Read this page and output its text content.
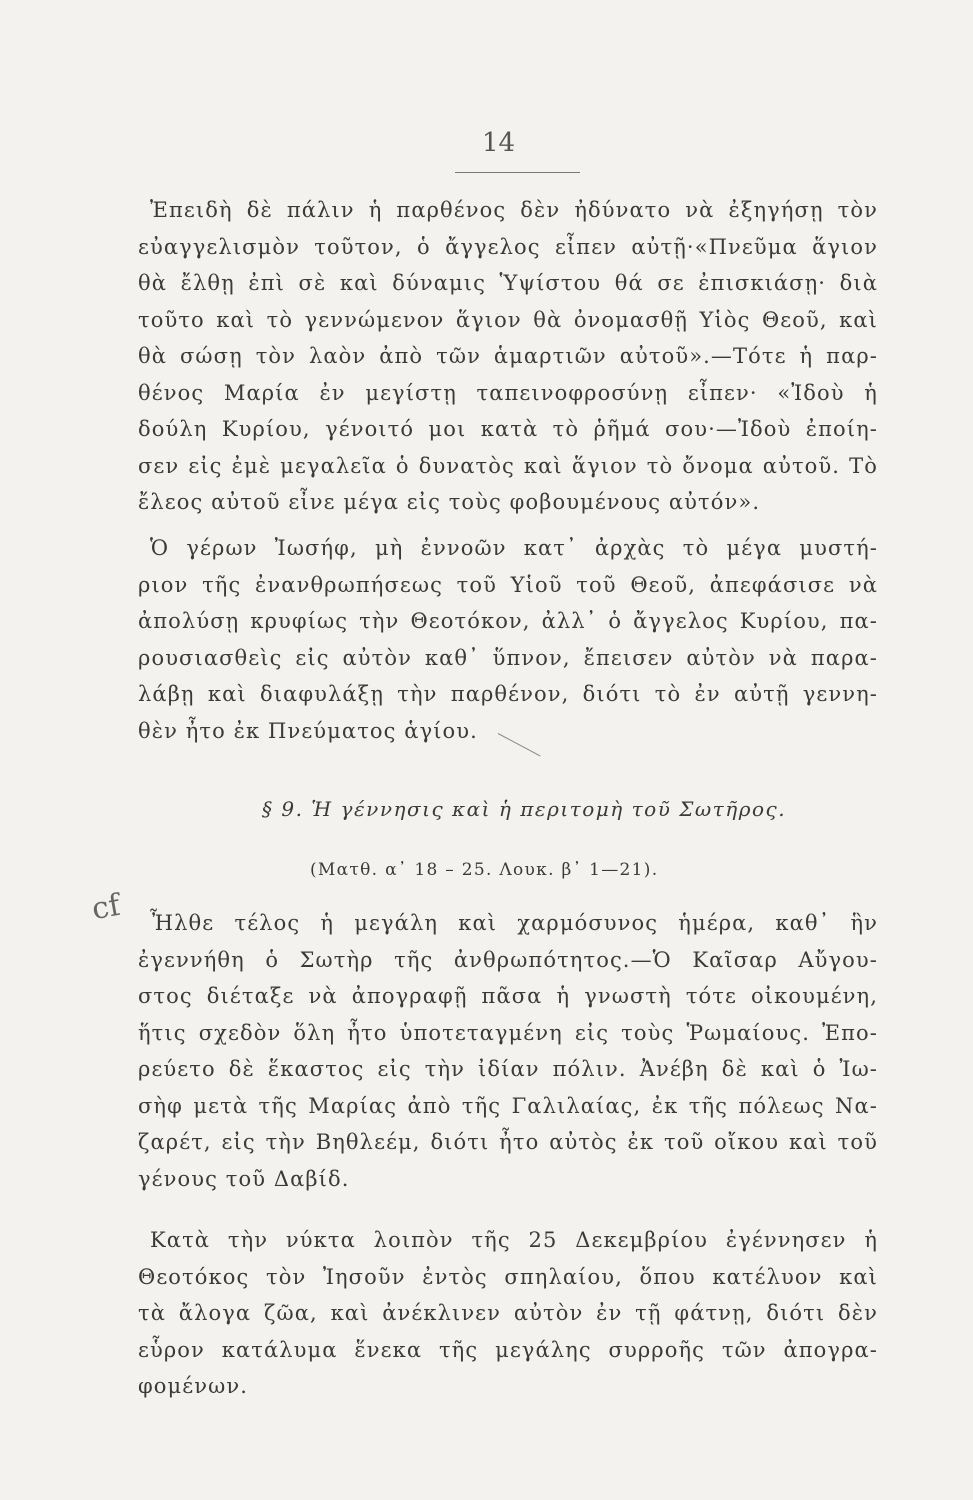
14
Ἐπειδὴ δὲ πάλιν ἡ παρθένος δὲν ἠδύνατο νὰ ἐξηγήσῃ τὸν
εὐαγγελισμὸν τοῦτον, ὁ ἄγγελος εἶπεν αὐτῇ·«Πνεῦμα ἅγιον
θὰ ἔλθῃ ἐπὶ σὲ καὶ δύναμις Ὑψίστου θά σε ἐπισκιάσῃ· διὰ
τοῦτο καὶ τὸ γεννώμενον ἅγιον θὰ ὀνομασθῇ Υἱὸς Θεοῦ, καὶ
θὰ σώσῃ τὸν λαὸν ἀπὸ τῶν ἁμαρτιῶν αὐτοῦ».—Τότε ἡ παρ-
θένος Μαρία ἐν μεγίστῃ ταπεινοφροσύνῃ εἶπεν· «Ἰδοὺ ἡ
δούλη Κυρίου, γένοιτό μοι κατὰ τὸ ῥῆμά σου·—Ἰδοὺ ἐποίη-
σεν εἰς ἐμὲ μεγαλεῖα ὁ δυνατὸς καὶ ἅγιον τὸ ὄνομα αὐτοῦ. Τὸ
ἔλεος αὐτοῦ εἶνε μέγα εἰς τοὺς φοβουμένους αὐτόν».
Ὁ γέρων Ἰωσήφ, μὴ ἐννοῶν κατ᾽ ἀρχὰς τὸ μέγα μυστή-
ριον τῆς ἐνανθρωπήσεως τοῦ Υἱοῦ τοῦ Θεοῦ, ἀπεφάσισε νὰ
ἀπολύσῃ κρυφίως τὴν Θεοτόκον, ἀλλ᾽ ὁ ἄγγελος Κυρίου, πα-
ρουσιασθεὶς εἰς αὐτὸν καθ᾽ ὕπνον, ἔπεισεν αὐτὸν νὰ παρα-
λάβῃ καὶ διαφυλάξῃ τὴν παρθένον, διότι τὸ ἐν αὐτῇ γεννη-
θὲν ἦτο ἐκ Πνεύματος ἁγίου.
§ 9. Ἡ γέννησις καὶ ἡ περιτομὴ τοῦ Σωτῆρος.
(Ματθ. α᾽ 18 – 25. Λουκ. β᾽ 1—21).
cf	Ἦλθε τέλος ἡ μεγάλη καὶ χαρμόσυνος ἡμέρα, καθ᾽ ἣν
ἐγεννήθη ὁ Σωτὴρ τῆς ἀνθρωπότητος.—Ὁ Καῖσαρ Αὔγου-
στος διέταξε νὰ ἀπογραφῇ πᾶσα ἡ γνωστὴ τότε οἰκουμένη,
ἥτις σχεδὸν ὅλη ἦτο ὑποτεταγμένη εἰς τοὺς Ῥωμαίους. Ἐπο-
ρεύετο δὲ ἕκαστος εἰς τὴν ἰδίαν πόλιν. Ἀνέβη δὲ καὶ ὁ Ἰω-
σὴφ μετὰ τῆς Μαρίας ἀπὸ τῆς Γαλιλαίας, ἐκ τῆς πόλεως Να-
ζαρέτ, εἰς τὴν Βηθλεέμ, διότι ἦτο αὐτὸς ἐκ τοῦ οἴκου καὶ τοῦ
γένους τοῦ Δαβίδ.
Κατὰ τὴν νύκτα λοιπὸν τῆς 25 Δεκεμβρίου ἐγέννησεν ἡ
Θεοτόκος τὸν Ἰησοῦν ἐντὸς σπηλαίου, ὅπου κατέλυον καὶ
τὰ ἄλογα ζῶα, καὶ ἀνέκλινεν αὐτὸν ἐν τῇ φάτνῃ, διότι δὲν
εὗρον κατάλυμα ἕνεκα τῆς μεγάλης συρροῆς τῶν ἀπογρα-
φομένων.
